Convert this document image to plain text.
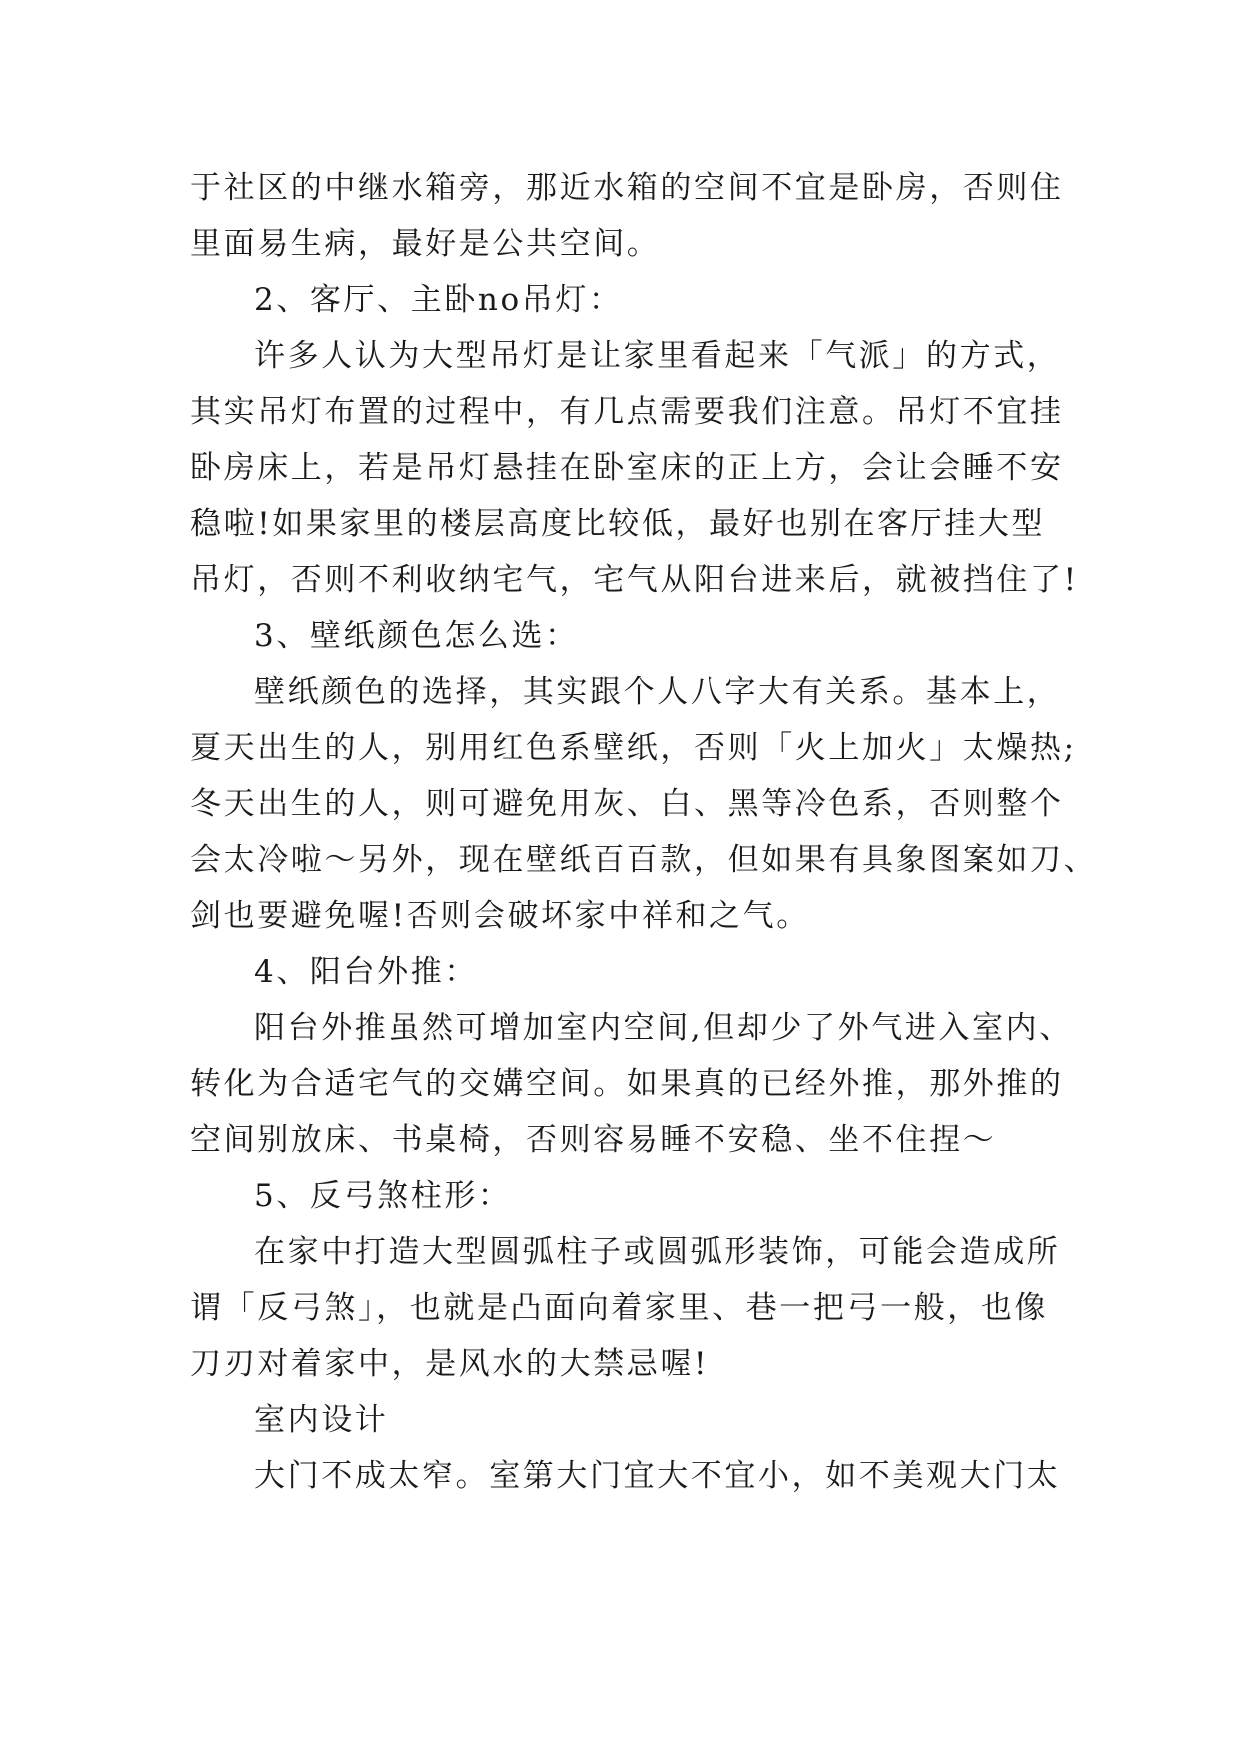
于社区的中继水箱旁，那近水箱的空间不宜是卧房，否则住

里面易生病，最好是公共空间。

2、客厅、主卧no吊灯：

许多人认为大型吊灯是让家里看起来「气派」的方式，

其实吊灯布置的过程中，有几点需要我们注意。吊灯不宜挂

卧房床上，若是吊灯悬挂在卧室床的正上方，会让会睡不安

稳啦!如果家里的楼层高度比较低，最好也别在客厅挂大型

吊灯，否则不利收纳宅气，宅气从阳台进来后，就被挡住了!

3、壁纸颜色怎么选：

壁纸颜色的选择，其实跟个人八字大有关系。基本上，

夏天出生的人，别用红色系壁纸，否则「火上加火」太燥热;

冬天出生的人，则可避免用灰、白、黑等冷色系，否则整个

会太冷啦～另外，现在壁纸百百款，但如果有具象图案如刀、

剑也要避免喔!否则会破坏家中祥和之气。

4、阳台外推：

阳台外推虽然可增加室内空间,但却少了外气进入室内、

转化为合适宅气的交媾空间。如果真的已经外推，那外推的

空间别放床、书桌椅，否则容易睡不安稳、坐不住捏～

5、反弓煞柱形：

在家中打造大型圆弧柱子或圆弧形装饰，可能会造成所

谓「反弓煞」，也就是凸面向着家里、巷一把弓一般，也像

刀刃对着家中，是风水的大禁忌喔!

室内设计

大门不成太窄。室第大门宜大不宜小，如不美观大门太
